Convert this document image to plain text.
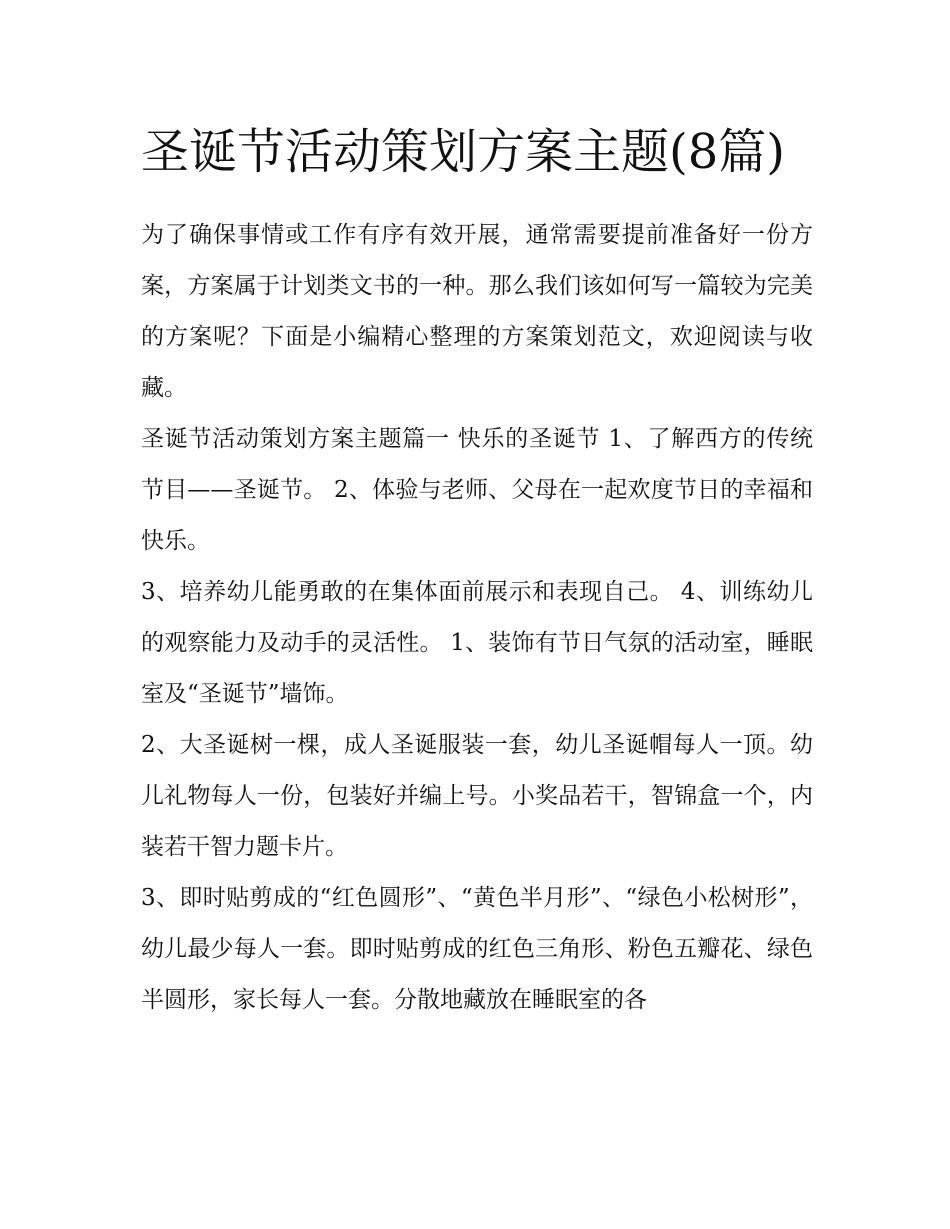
圣诞节活动策划方案主题(8篇)

为了确保事情或工作有序有效开展，通常需要提前准备好一份方案，方案属于计划类文书的一种。那么我们该如何写一篇较为完美的方案呢？下面是小编精心整理的方案策划范文，欢迎阅读与收藏。

圣诞节活动策划方案主题篇一 快乐的圣诞节 1、了解西方的传统节目——圣诞节。 2、体验与老师、父母在一起欢度节日的幸福和快乐。

3、培养幼儿能勇敢的在集体面前展示和表现自己。 4、训练幼儿的观察能力及动手的灵活性。 1、装饰有节日气氛的活动室，睡眠室及“圣诞节”墙饰。

2、大圣诞树一棵，成人圣诞服装一套，幼儿圣诞帽每人一顶。幼儿礼物每人一份，包装好并编上号。小奖品若干，智锦盒一个，内装若干智力题卡片。

3、即时贴剪成的“红色圆形”、“黄色半月形”、“绿色小松树形”，幼儿最少每人一套。即时贴剪成的红色三角形、粉色五瓣花、绿色半圆形，家长每人一套。分散地藏放在睡眠室的各
